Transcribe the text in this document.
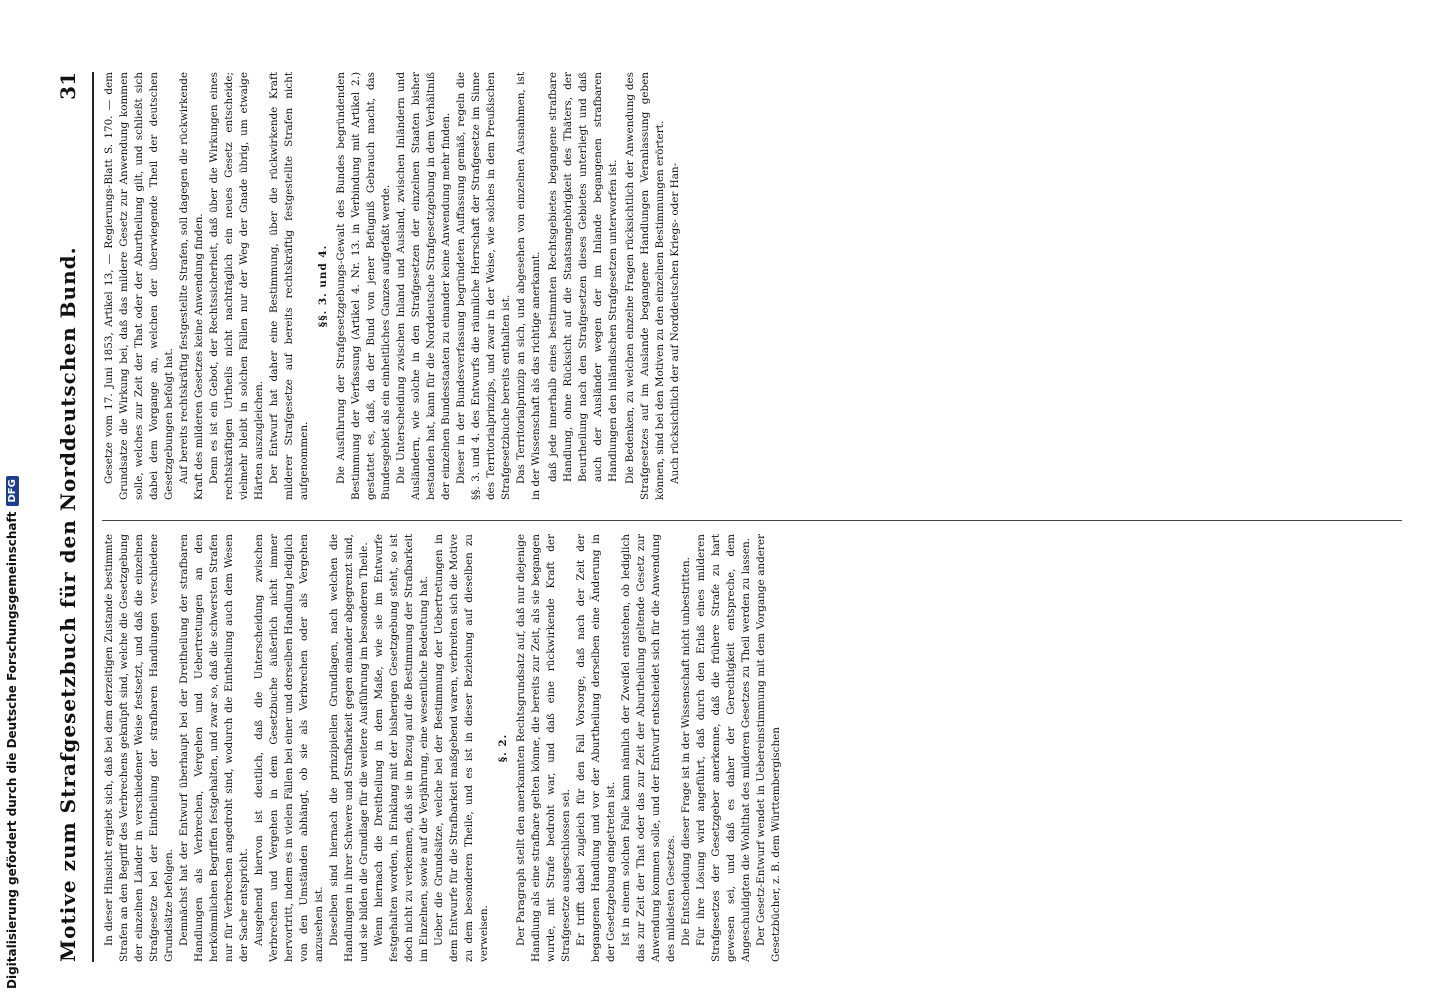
Digitalisierung gefördert durch die Deutsche Forschungsgemeinschaft
DFG Motive zum Strafgesetzbuch für den Norddeutschen Bund.
31

In dieser Hinsicht ergiebt sich, daß bei dem derzeitigen Zustande bestimmte Strafen an den Begriff des Verbrechens geknüpft sind, welche die Gesetzgebung der einzelnen Länder in verschiedener Weise festsetzt, und daß die einzelnen Strafgesetze bei der Eintheilung der strafbaren Handlungen verschiedene Grundsätze befolgen. Demnächst hat der Entwurf überhaupt bei der Dreitheilung der strafbaren Handlungen als Verbrechen, Vergehen und Uebertretungen an den herkömmlichen Begriffen festgehalten, und zwar so, daß die schwersten Strafen nur für Verbrechen angedroht sind, wodurch die Eintheilung auch dem Wesen der Sache entspricht. Ausgehend hiervon ist deutlich, daß die Unterscheidung zwischen Verbrechen und Vergehen in dem Gesetzbuche äußerlich nicht immer hervortritt, indem es in vielen Fällen bei einer und derselben Handlung lediglich von den Umständen abhängt, ob sie als Verbrechen oder als Vergehen anzusehen ist. Dieselben sind hiernach die prinzipiellen Grundlagen, nach welchen die Handlungen in ihrer Schwere und Strafbarkeit gegen einander abgegrenzt sind, und sie bilden die Grundlage für die weitere Ausführung im besonderen Theile. Wenn hiernach die Dreitheilung in dem Maße, wie sie im Entwurfe festgehalten worden, in Einklang mit der bisherigen Gesetzgebung steht, so ist doch nicht zu verkennen, daß sie in Bezug auf die Bestimmung der Strafbarkeit im Einzelnen, sowie auf die Verjährung, eine wesentliche Bedeutung hat. Ueber die Grundsätze, welche bei der Bestimmung der Uebertretungen in dem Entwurfe für die Strafbarkeit maßgebend waren, verbreiten sich die Motive zu dem besonderen Theile, und es ist in dieser Beziehung auf dieselben zu verweisen.

§. 2. Der Paragraph stellt den anerkannten Rechtsgrundsatz auf, daß nur diejenige Handlung als eine strafbare gelten könne, die bereits zur Zeit, als sie begangen wurde, mit Strafe bedroht war, und daß eine rückwirkende Kraft der Strafgesetze ausgeschlossen sei. Er trifft dabei zugleich für den Fall Vorsorge, daß nach der Zeit der begangenen Handlung und vor der Aburtheilung derselben eine Änderung in der Gesetzgebung eingetreten ist. Ist in einem solchen Falle kann nämlich der Zweifel entstehen, ob lediglich das zur Zeit der That oder das zur Zeit der Aburtheilung geltende Gesetz zur Anwendung kommen solle, und der Entwurf entscheidet sich für die Anwendung des mildesten Gesetzes. Die Entscheidung dieser Frage ist in der Wissenschaft nicht unbestritten. Für ihre Lösung wird angeführt, daß durch den Erlaß eines milderen Strafgesetzes der Gesetzgeber anerkenne, daß die frühere Strafe zu hart gewesen sei, und daß es daher der Gerechtigkeit entspreche, dem Angeschuldigten die Wohlthat des milderen Gesetzes zu Theil werden zu lassen. Der Gesetz-Entwurf wendet in Uebereinstimmung mit dem Vorgange anderer Gesetzbücher, z. B. dem Württembergischen

Gesetze vom 17. Juni 1853, Artikel 13, — Regierungs-Blatt S. 170. — dem Grundsatze die Wirkung bei, daß das mildere Gesetz zur Anwendung kommen solle, welches zur Zeit der That oder der Aburtheilung gilt, und schließt sich dabei dem Vorgange an, welchen der überwiegende Theil der deutschen Gesetzgebungen befolgt hat. Auf bereits rechtskräftig festgestellte Strafen, soll dagegen die rückwirkende Kraft des milderen Gesetzes keine Anwendung finden. Denn es ist ein Gebot, der Rechtssicherheit, daß über die Wirkungen eines rechtskräftigen Urtheils nicht nachträglich ein neues Gesetz entscheide; vielmehr bleibt in solchen Fällen nur der Weg der Gnade übrig, um etwaige Härten auszugleichen. Der Entwurf hat daher eine Bestimmung, über die rückwirkende Kraft milderer Strafgesetze auf bereits rechtskräftig festgestellte Strafen nicht aufgenommen.

§§. 3. und 4. Die Ausführung der Strafgesetzgebungs-Gewalt des Bundes begründenden Bestimmung der Verfassung (Artikel 4. Nr. 13. in Verbindung mit Artikel 2.) gestattet es, daß, da der Bund von jener Befugniß Gebrauch macht, das Bundesgebiet als ein einheitliches Ganzes aufgefaßt werde. Die Unterscheidung zwischen Inland und Ausland, zwischen Inländern und Ausländern, wie solche in den Strafgesetzen der einzelnen Staaten bisher bestanden hat, kann für die Norddeutsche Strafgesetzgebung in dem Verhältniß der einzelnen Bundesstaaten zu einander keine Anwendung mehr finden. Dieser in der Bundesverfassung begründeten Auffassung gemäß, regeln die §§. 3. und 4. des Entwurfs die räumliche Herrschaft der Strafgesetze im Sinne des Territorialprinzips, und zwar in der Weise, wie solches in dem Preußischen Strafgesetzbuche bereits enthalten ist. Das Territorialprinzip an sich, und abgesehen von einzelnen Ausnahmen, ist in der Wissenschaft als das richtige anerkannt. daß jede innerhalb eines bestimmten Rechtsgebietes begangene strafbare Handlung, ohne Rücksicht auf die Staatsangehörigkeit des Thäters, der Beurtheilung nach den Strafgesetzen dieses Gebietes unterliegt und daß auch der Ausländer wegen der im Inlande begangenen strafbaren Handlungen den inländischen Strafgesetzen unterworfen ist. Die Bedenken, zu welchen einzelne Fragen rücksichtlich der Anwendung des Strafgesetzes auf im Auslande begangene Handlungen Veranlassung geben können, sind bei den Motiven zu den einzelnen Bestimmungen erörtert. Auch rücksichtlich der auf Norddeutschen Kriegs- oder Han-
